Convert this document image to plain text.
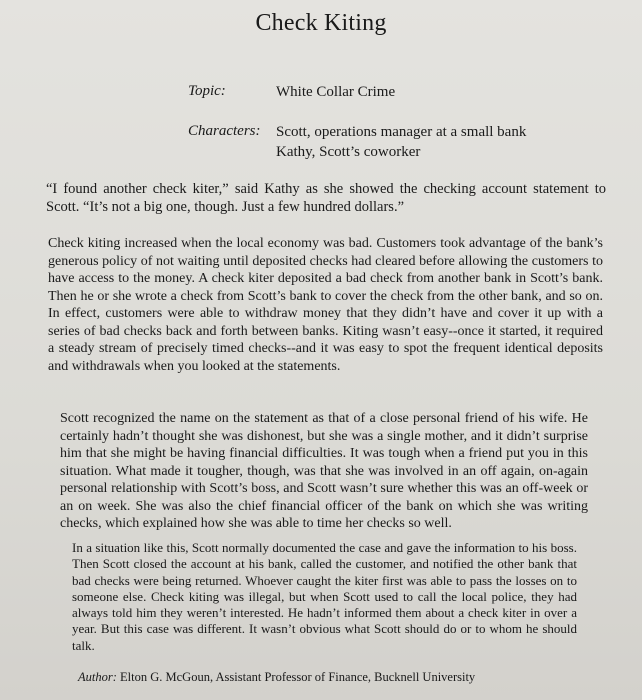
Check Kiting
Topic:	White Collar Crime
Characters: Scott, operations manager at a small bank
Kathy, Scott’s coworker
“I found another check kiter,” said Kathy as she showed the checking account statement to Scott. “It’s not a big one, though. Just a few hundred dollars.”
Check kiting increased when the local economy was bad. Customers took advantage of the bank’s generous policy of not waiting until deposited checks had cleared before allowing the customers to have access to the money. A check kiter deposited a bad check from another bank in Scott’s bank. Then he or she wrote a check from Scott’s bank to cover the check from the other bank, and so on. In effect, customers were able to withdraw money that they didn’t have and cover it up with a series of bad checks back and forth between banks. Kiting wasn’t easy--once it started, it required a steady stream of precisely timed checks--and it was easy to spot the frequent identical deposits and withdrawals when you looked at the statements.
Scott recognized the name on the statement as that of a close personal friend of his wife. He certainly hadn’t thought she was dishonest, but she was a single mother, and it didn’t surprise him that she might be having financial difficulties. It was tough when a friend put you in this situation. What made it tougher, though, was that she was involved in an off again, on-again personal relationship with Scott’s boss, and Scott wasn’t sure whether this was an off-week or an on week. She was also the chief financial officer of the bank on which she was writing checks, which explained how she was able to time her checks so well.
In a situation like this, Scott normally documented the case and gave the information to his boss. Then Scott closed the account at his bank, called the customer, and notified the other bank that bad checks were being returned. Whoever caught the kiter first was able to pass the losses on to someone else. Check kiting was illegal, but when Scott used to call the local police, they had always told him they weren’t interested. He hadn’t informed them about a check kiter in over a year. But this case was different. It wasn’t obvious what Scott should do or to whom he should talk.
Author: Elton G. McGoun, Assistant Professor of Finance, Bucknell University
